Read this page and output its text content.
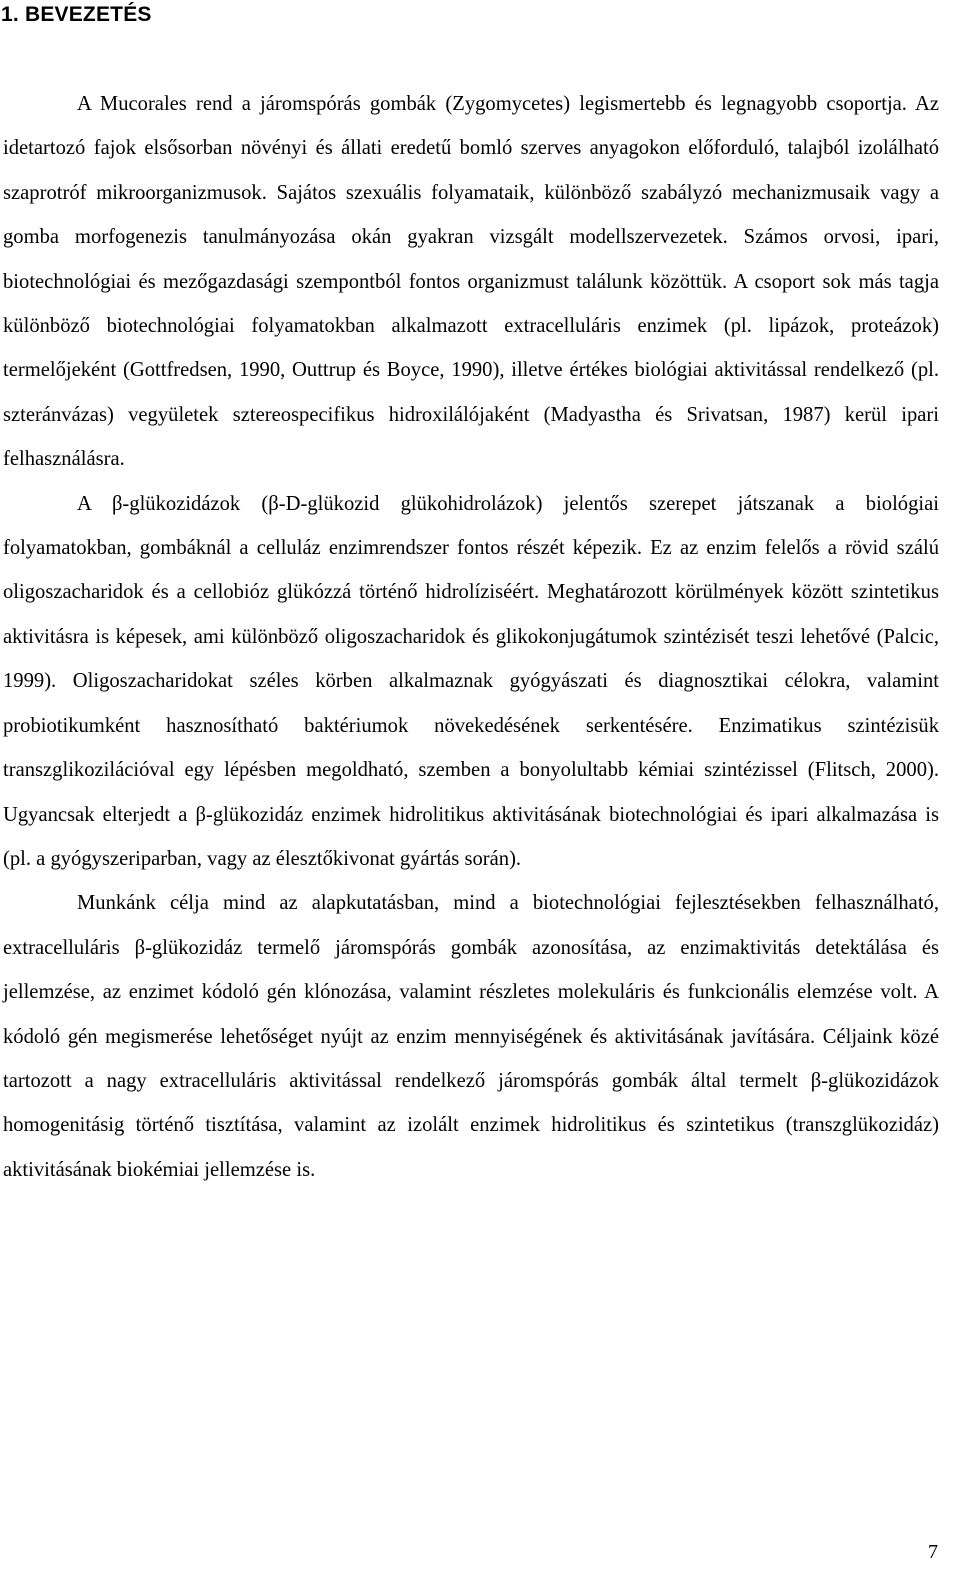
1. BEVEZETÉS

A Mucorales rend a járomspórás gombák (Zygomycetes) legismertebb és legnagyobb csoportja. Az idetartozó fajok elsősorban növényi és állati eredetű bomló szerves anyagokon előforduló, talajból izolálható szaprotróf mikroorganizmusok. Sajátos szexuális folyamataik, különböző szabályzó mechanizmusaik vagy a gomba morfogenezis tanulmányozása okán gyakran vizsgált modellszervezetek. Számos orvosi, ipari, biotechnológiai és mezőgazdasági szempontból fontos organizmust találunk közöttük. A csoport sok más tagja különböző biotechnológiai folyamatokban alkalmazott extracelluláris enzimek (pl. lipázok, proteázok) termelőjeként (Gottfredsen, 1990, Outtrup és Boyce, 1990), illetve értékes biológiai aktivitással rendelkező (pl. szteránvázas) vegyületek sztereospecifikus hidroxilálójaként (Madyastha és Srivatsan, 1987) kerül ipari felhasználásra.

A β-glükozidázok (β-D-glükozid glükohidrolázok) jelentős szerepet játszanak a biológiai folyamatokban, gombáknál a celluláz enzimrendszer fontos részét képezik. Ez az enzim felelős a rövid szálú oligoszacharidok és a cellobióz glükózzá történő hidrolíziséért. Meghatározott körülmények között szintetikus aktivitásra is képesek, ami különböző oligoszacharidok és glikokonjugátumok szintézisét teszi lehetővé (Palcic, 1999). Oligoszacharidokat széles körben alkalmaznak gyógyászati és diagnosztikai célokra, valamint probiotikumként hasznosítható baktériumok növekedésének serkentésére. Enzimatikus szintézisük transzglikozilációval egy lépésben megoldható, szemben a bonyolultabb kémiai szintézissel (Flitsch, 2000). Ugyancsak elterjedt a β-glükozidáz enzimek hidrolitikus aktivitásának biotechnológiai és ipari alkalmazása is (pl. a gyógyszeriparban, vagy az élesztőkivonat gyártás során).

Munkánk célja mind az alapkutatásban, mind a biotechnológiai fejlesztésekben felhasználható, extracelluláris β-glükozidáz termelő járomspórás gombák azonosítása, az enzimaktivitás detektálása és jellemzése, az enzimet kódoló gén klónozása, valamint részletes molekuláris és funkcionális elemzése volt. A kódoló gén megismerése lehetőséget nyújt az enzim mennyiségének és aktivitásának javítására. Céljaink közé tartozott a nagy extracelluláris aktivitással rendelkező járomspórás gombák által termelt β-glükozidázok homogenitásig történő tisztítása, valamint az izolált enzimek hidrolitikus és szintetikus (transzglükozidáz) aktivitásának biokémiai jellemzése is.

7
